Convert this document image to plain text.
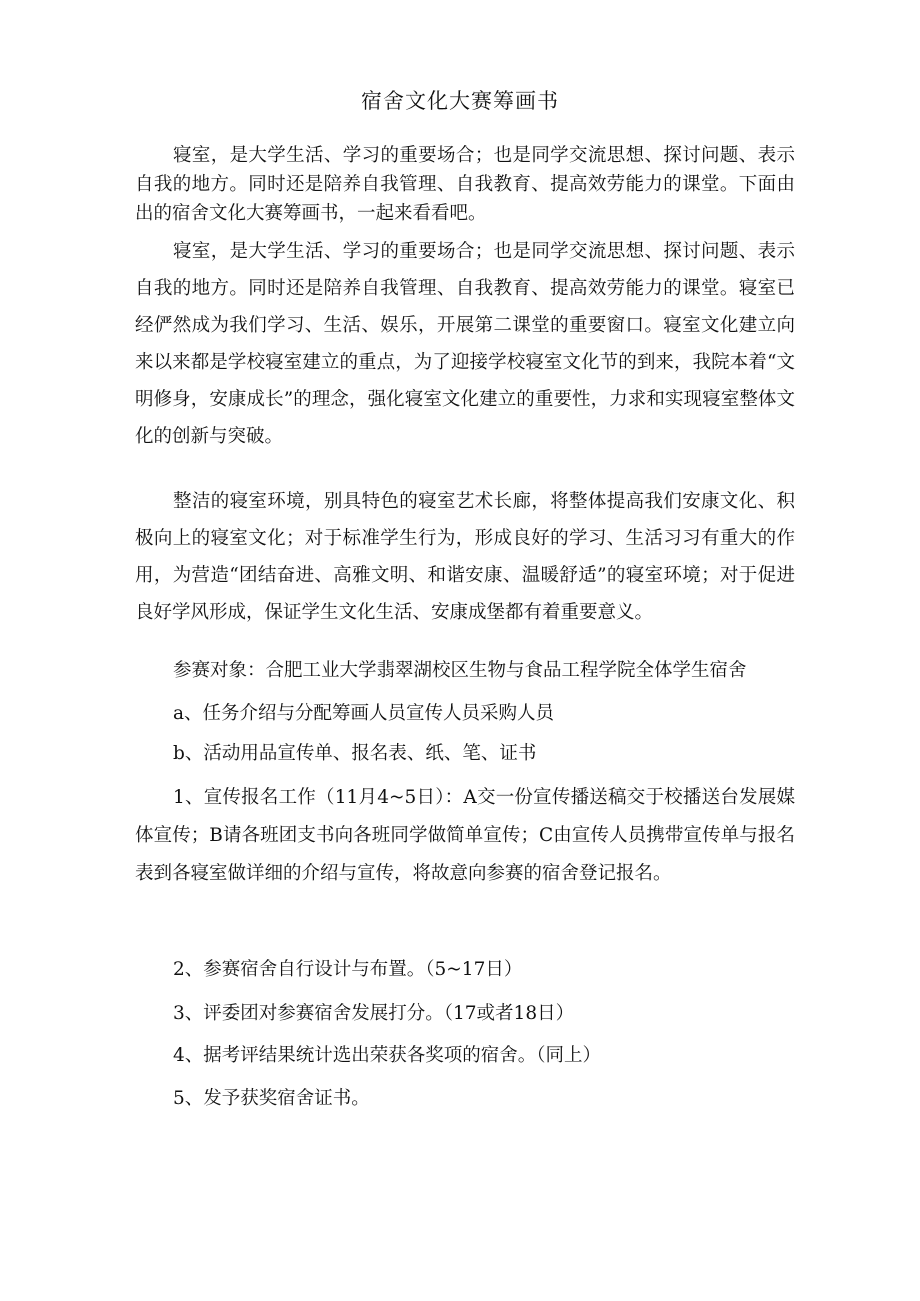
宿舍文化大赛筹画书

寝室，是大学生活、学习的重要场合；也是同学交流思想、探讨问题、表示自我的地方。同时还是陪养自我管理、自我教育、提高效劳能力的课堂。下面由出的宿舍文化大赛筹画书，一起来看看吧。

寝室，是大学生活、学习的重要场合；也是同学交流思想、探讨问题、表示自我的地方。同时还是陪养自我管理、自我教育、提高效劳能力的课堂。寝室已经俨然成为我们学习、生活、娱乐，开展第二课堂的重要窗口。寝室文化建立向来以来都是学校寝室建立的重点，为了迎接学校寝室文化节的到来，我院本着“文明修身，安康成长”的理念，强化寝室文化建立的重要性，力求和实现寝室整体文化的创新与突破。

整洁的寝室环境，别具特色的寝室艺术长廊，将整体提高我们安康文化、积极向上的寝室文化；对于标准学生行为，形成良好的学习、生活习习有重大的作用，为营造“团结奋进、高雅文明、和谐安康、温暖舒适”的寝室环境；对于促进良好学风形成，保证学生文化生活、安康成堡都有着重要意义。

参赛对象：合肥工业大学翡翠湖校区生物与食品工程学院全体学生宿舍
a、任务介绍与分配筹画人员宣传人员采购人员
b、活动用品宣传单、报名表、纸、笔、证书

1、宣传报名工作（11月4~5日）：A交一份宣传播送稿交于校播送台发展媒体宣传；B请各班团支书向各班同学做简单宣传；C由宣传人员携带宣传单与报名表到各寝室做详细的介绍与宣传，将故意向参赛的宿舍登记报名。

2、参赛宿舍自行设计与布置。（5~17日）
3、评委团对参赛宿舍发展打分。（17或者18日）
4、据考评结果统计选出荣获各奖项的宿舍。（同上）
5、发予获奖宿舍证书。
